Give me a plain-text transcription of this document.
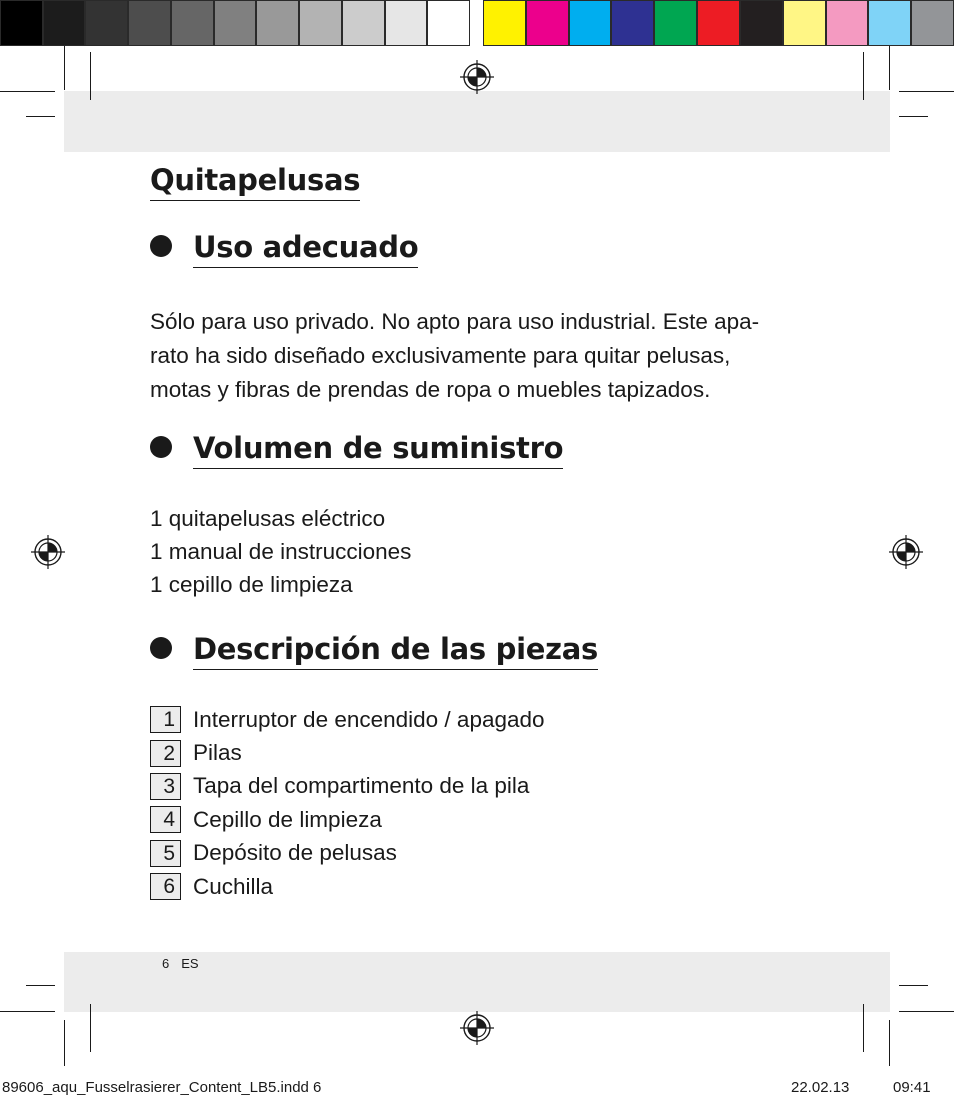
Quitapelusas
Uso adecuado
Sólo para uso privado. No apto para uso industrial. Este apa-
rato ha sido diseñado exclusivamente para quitar pelusas,
motas y fibras de prendas de ropa o muebles tapizados.
Volumen de suministro
1 quitapelusas eléctrico
1 manual de instrucciones
1 cepillo de limpieza
Descripción de las piezas
1 Interruptor de encendido / apagado
2 Pilas
3 Tapa del compartimento de la pila
4 Cepillo de limpieza
5 Depósito de pelusas
6 Cuchilla
6 ES
89606_aqu_Fusselrasierer_Content_LB5.indd 6	22.02.13	09:41
